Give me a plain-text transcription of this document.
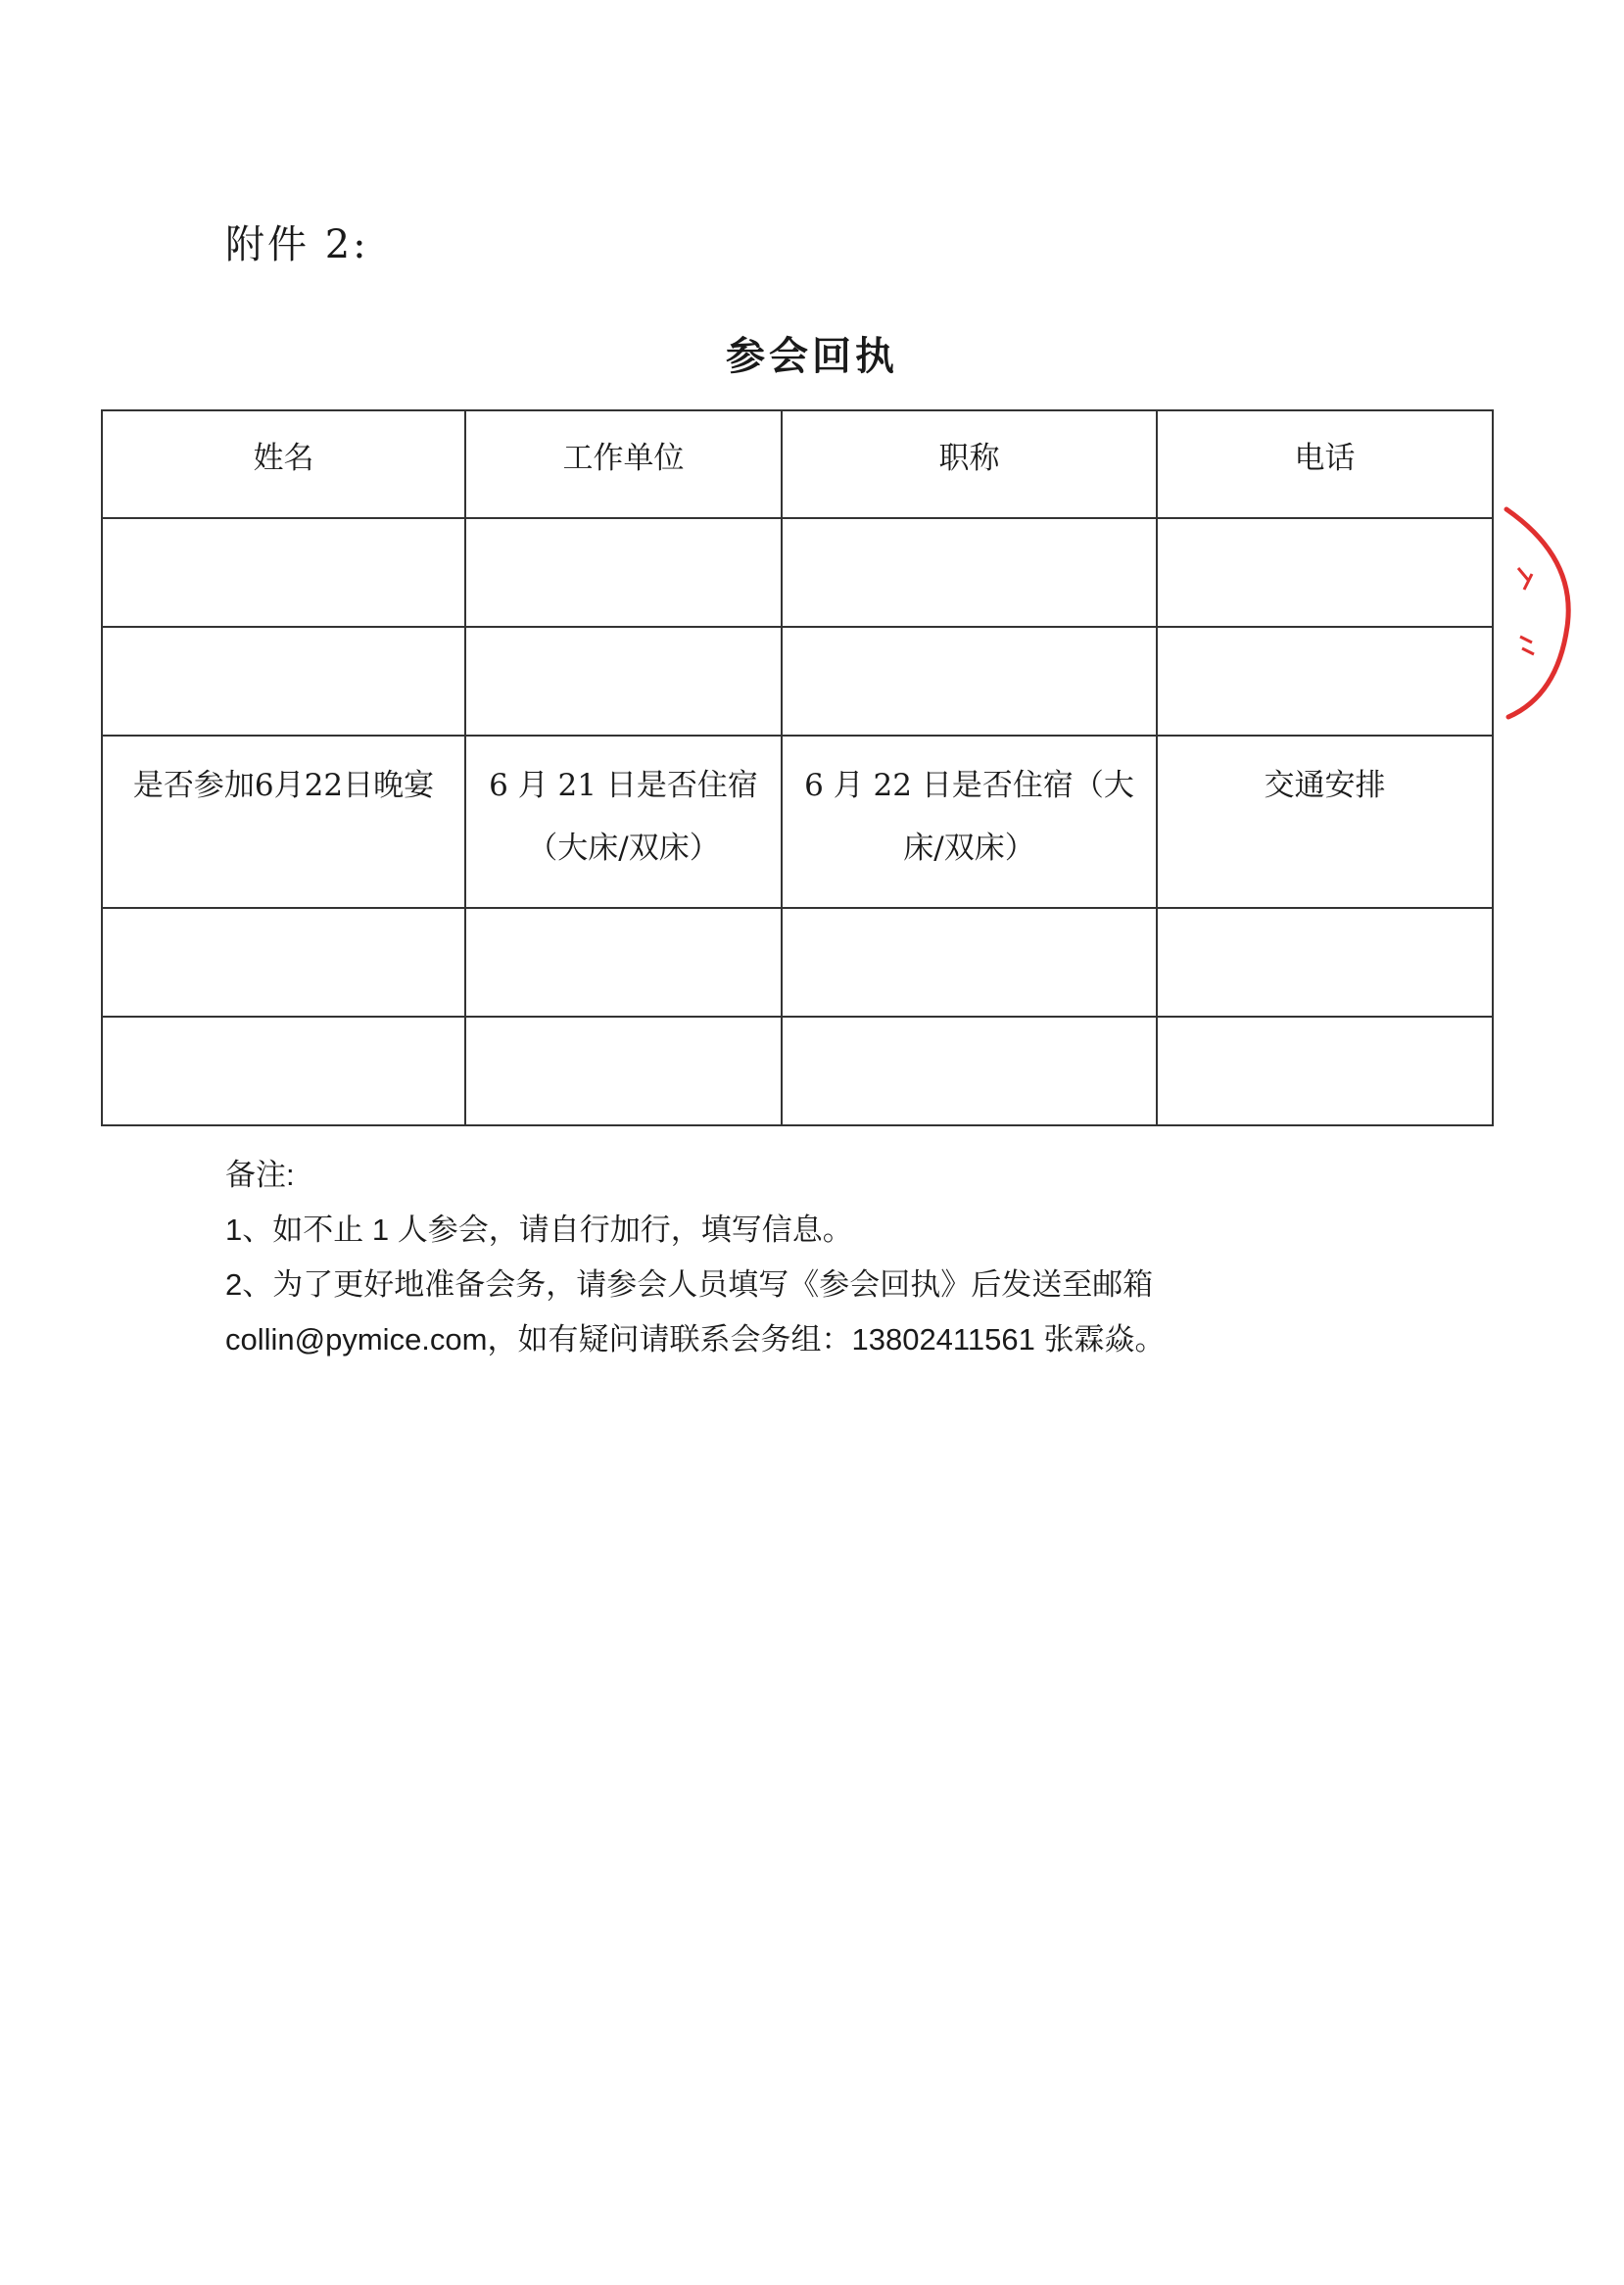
附件 2:
参会回执
姓名	工作单位	职称	电话

是否参加6月22日晚宴	6 月 21 日是否住宿（大床/双床）	6 月 22 日是否住宿（大床/双床）	交通安排

备注:
1、如不止 1 人参会，请自行加行，填写信息。
2、为了更好地准备会务，请参会人员填写《参会回执》后发送至邮箱
collin@pymice.com，如有疑问请联系会务组：13802411561 张霖焱。
